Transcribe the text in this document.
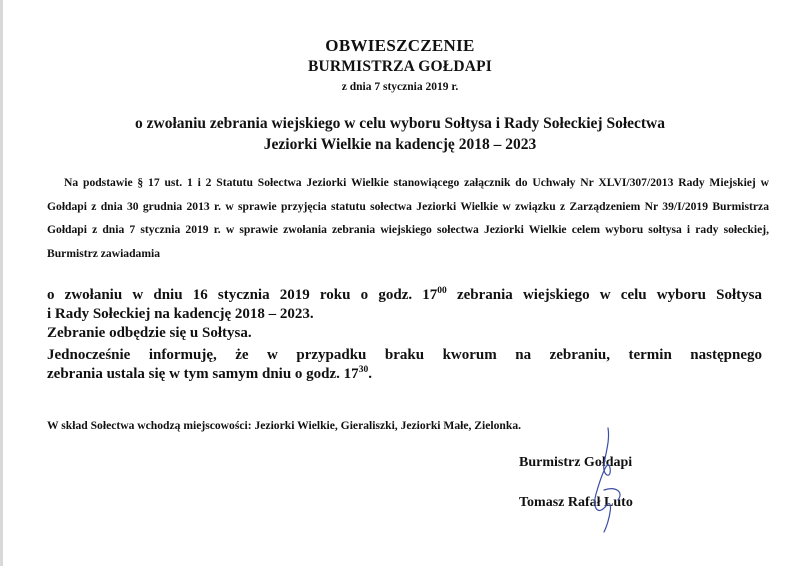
OBWIESZCZENIE
BURMISTRZA GOŁDAPI
z dnia 7 stycznia 2019 r.
o zwołaniu zebrania wiejskiego w celu wyboru Sołtysa i Rady Sołeckiej Sołectwa
Jeziorki Wielkie na kadencję 2018 – 2023
Na podstawie § 17 ust. 1 i 2 Statutu Sołectwa Jeziorki Wielkie stanowiącego załącznik do Uchwały Nr XLVI/307/2013 Rady Miejskiej w Gołdapi z dnia 30 grudnia 2013 r. w sprawie przyjęcia statutu sołectwa Jeziorki Wielkie w związku z Zarządzeniem Nr 39/I/2019 Burmistrza Gołdapi z dnia 7 stycznia 2019 r. w sprawie zwołania zebrania wiejskiego sołectwa Jeziorki Wielkie celem wyboru sołtysa i rady sołeckiej, Burmistrz zawiadamia
o zwołaniu w dniu 16 stycznia 2019 roku o godz. $17^{00}$ zebrania wiejskiego w celu wyboru Sołtysa
i Rady Sołeckiej na kadencję 2018 – 2023.
Zebranie odbędzie się u Sołtysa.
Jednocześnie informuję, że w przypadku braku kworum na zebraniu, termin następnego
zebrania ustala się w tym samym dniu o godz. $17^{30}$.
W skład Sołectwa wchodzą miejscowości: Jeziorki Wielkie, Gieraliszki, Jeziorki Małe, Zielonka.
Burmistrz Gołdapi
Tomasz Rafał Luto
